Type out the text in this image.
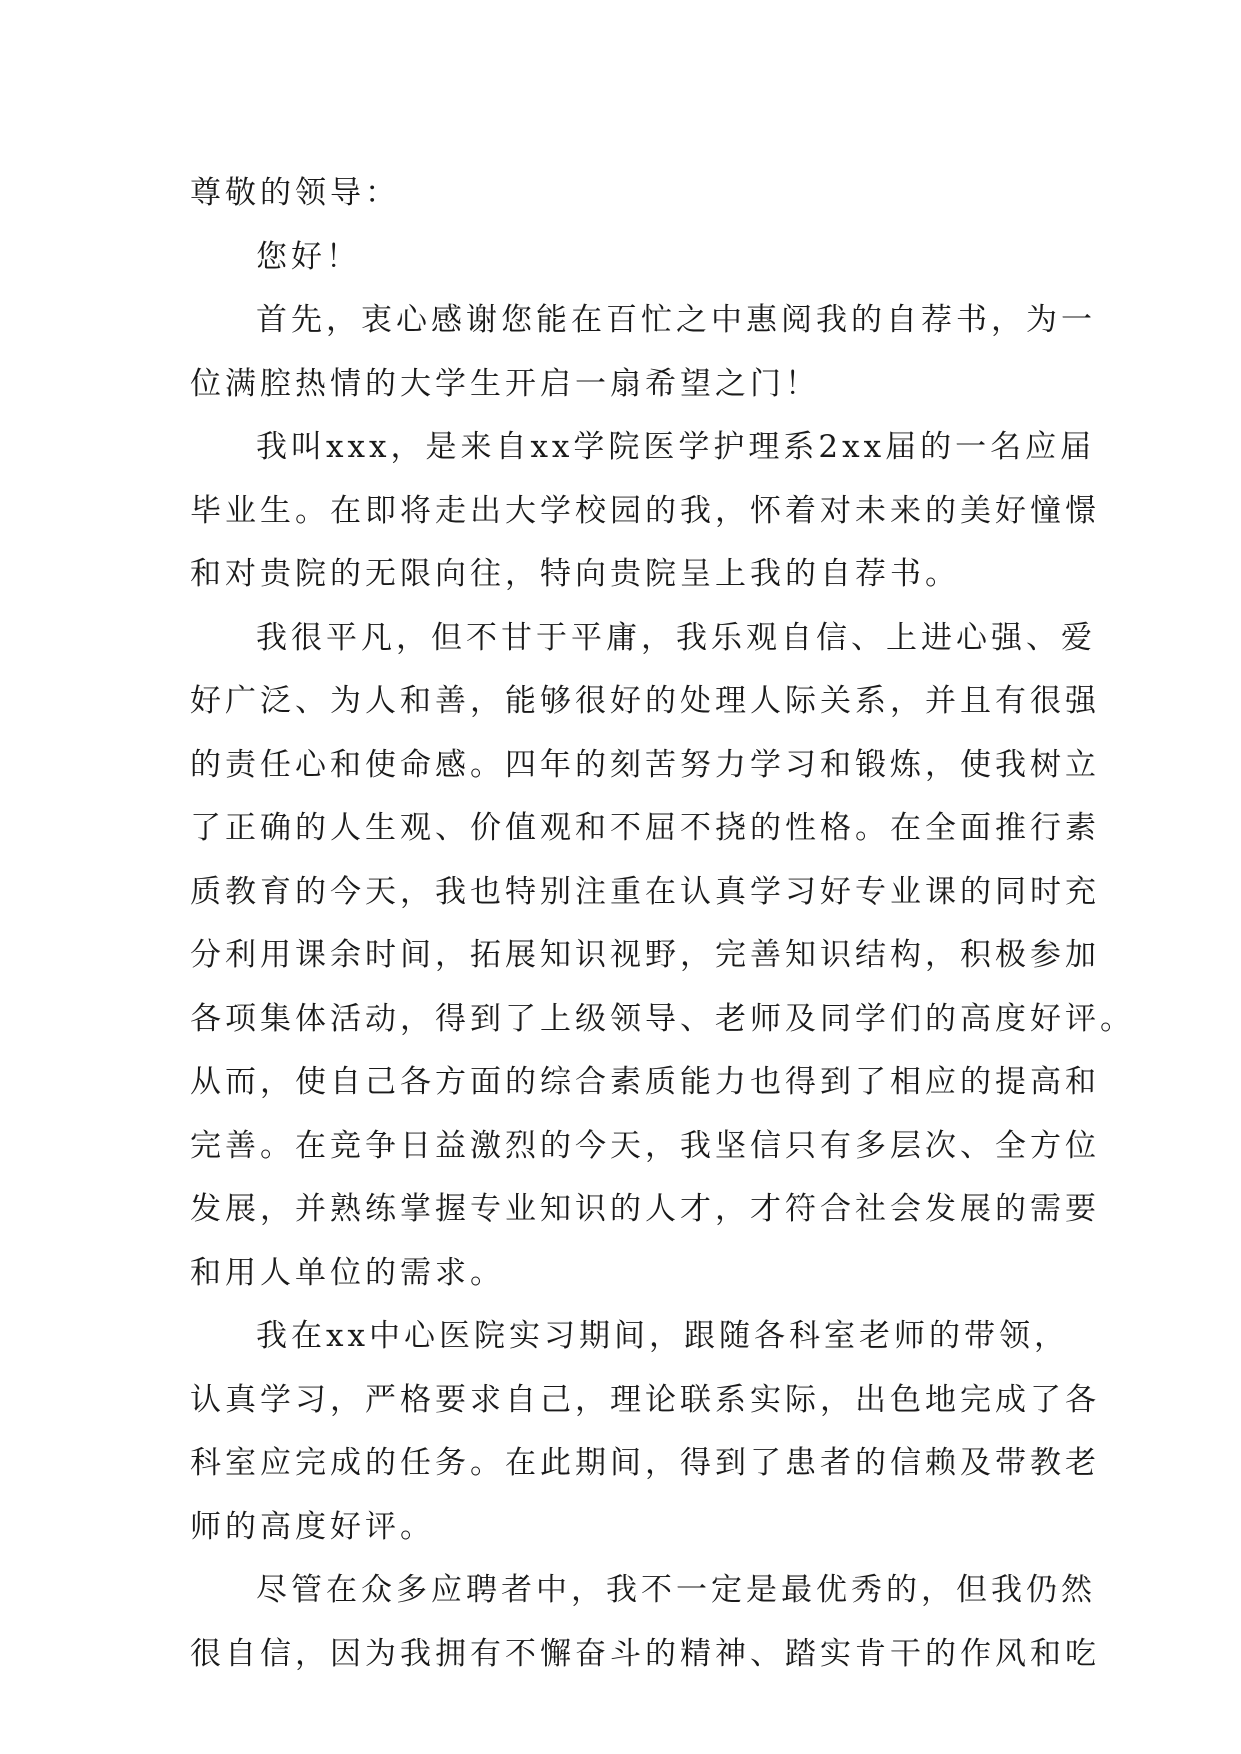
尊敬的领导：
您好！
首先，衷心感谢您能在百忙之中惠阅我的自荐书，为一
位满腔热情的大学生开启一扇希望之门！
我叫xxx，是来自xx学院医学护理系2xx届的一名应届
毕业生。在即将走出大学校园的我，怀着对未来的美好憧憬
和对贵院的无限向往，特向贵院呈上我的自荐书。
我很平凡，但不甘于平庸，我乐观自信、上进心强、爱
好广泛、为人和善，能够很好的处理人际关系，并且有很强
的责任心和使命感。四年的刻苦努力学习和锻炼，使我树立
了正确的人生观、价值观和不屈不挠的性格。在全面推行素
质教育的今天，我也特别注重在认真学习好专业课的同时充
分利用课余时间，拓展知识视野，完善知识结构，积极参加
各项集体活动，得到了上级领导、老师及同学们的高度好评。
从而，使自己各方面的综合素质能力也得到了相应的提高和
完善。在竞争日益激烈的今天，我坚信只有多层次、全方位
发展，并熟练掌握专业知识的人才，才符合社会发展的需要
和用人单位的需求。
我在xx中心医院实习期间，跟随各科室老师的带领，
认真学习，严格要求自己，理论联系实际，出色地完成了各
科室应完成的任务。在此期间，得到了患者的信赖及带教老
师的高度好评。
尽管在众多应聘者中，我不一定是最优秀的，但我仍然
很自信，因为我拥有不懈奋斗的精神、踏实肯干的作风和吃
